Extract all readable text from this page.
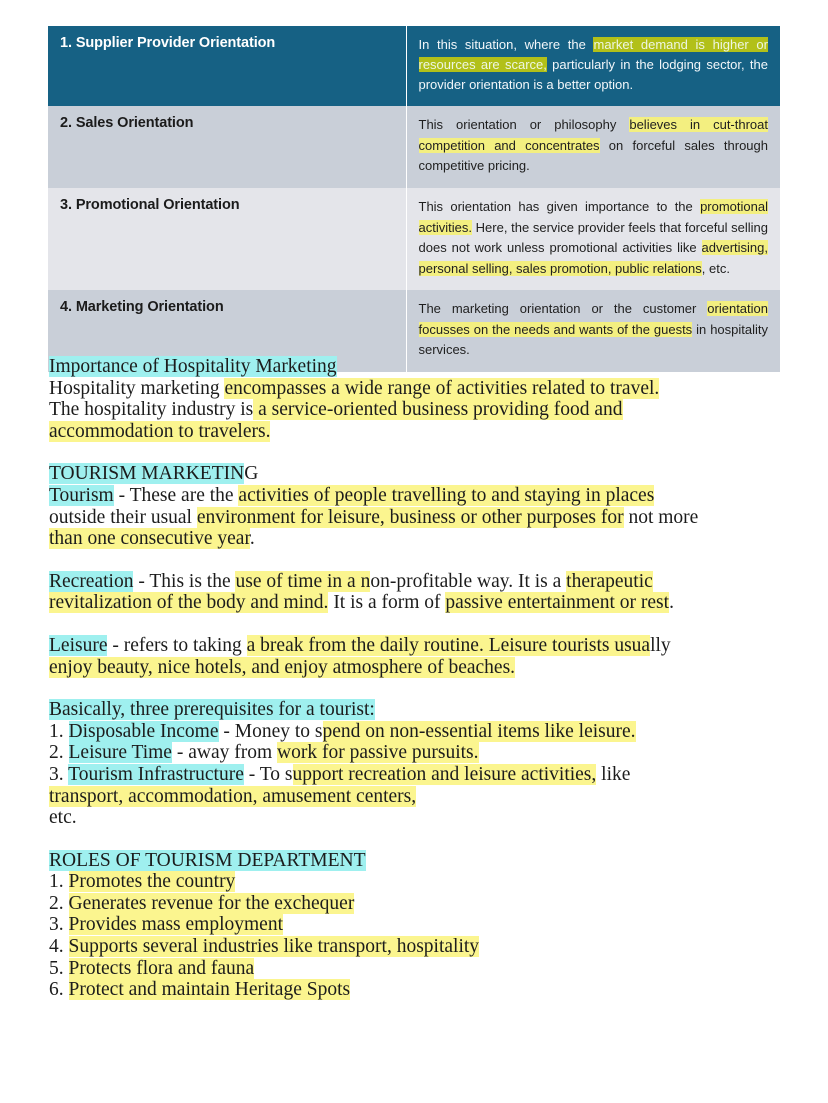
1. Supplier Provider Orientation	In this situation, where the market demand is higher or resources are scarce, particularly in the lodging sector, the provider orientation is a better option.
2. Sales Orientation	This orientation or philosophy believes in cut-throat competition and concentrates on forceful sales through competitive pricing.
3. Promotional Orientation	This orientation has given importance to the promotional activities. Here, the service provider feels that forceful selling does not work unless promotional activities like advertising, personal selling, sales promotion, public relations, etc.
4. Marketing Orientation	The marketing orientation or the customer orientation focusses on the needs and wants of the guests in hospitality services.
Importance of Hospitality Marketing
Hospitality marketing encompasses a wide range of activities related to travel.
The hospitality industry is a service-oriented business providing food and
accommodation to travelers.
TOURISM MARKETING
Tourism - These are the activities of people travelling to and staying in places
outside their usual environment for leisure, business or other purposes for not more
than one consecutive year.
Recreation - This is the use of time in a non-profitable way. It is a therapeutic
revitalization of the body and mind. It is a form of passive entertainment or rest.
Leisure - refers to taking a break from the daily routine. Leisure tourists usually
enjoy beauty, nice hotels, and enjoy atmosphere of beaches.
Basically, three prerequisites for a tourist:
1. Disposable Income - Money to spend on non-essential items like leisure.
2. Leisure Time - away from work for passive pursuits.
3. Tourism Infrastructure - To support recreation and leisure activities, like
transport, accommodation, amusement centers,
etc.
ROLES OF TOURISM DEPARTMENT
1. Promotes the country
2. Generates revenue for the exchequer
3. Provides mass employment
4. Supports several industries like transport, hospitality
5. Protects flora and fauna
6. Protect and maintain Heritage Spots
